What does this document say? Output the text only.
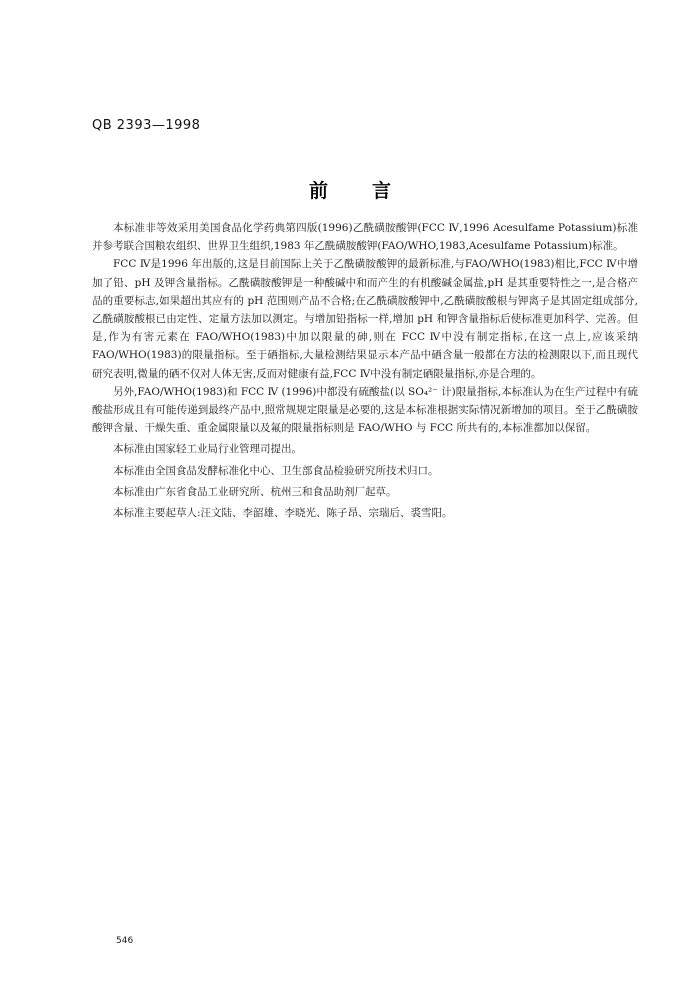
QB 2393—1998
前言

本标准非等效采用美国食品化学药典第四版(1996)乙酰磺胺酸钾(FCC Ⅳ,1996 Acesulfame Potassium)标准并参考联合国粮农组织、世界卫生组织,1983 年乙酰磺胺酸钾(FAO/WHO,1983,Acesulfame Potassium)标准。

FCC Ⅳ是1996 年出版的,这是目前国际上关于乙酰磺胺酸钾的最新标准,与FAO/WHO(1983)相比,FCC Ⅳ中增加了铅、pH 及钾含量指标。乙酰磺胺酸钾是一种酸碱中和而产生的有机酸碱金属盐,pH 是其重要特性之一,是合格产品的重要标志,如果超出其应有的 pH 范围则产品不合格;在乙酰磺胺酸钾中,乙酰磺胺酸根与钾离子是其固定组成部分,乙酰磺胺酸根已由定性、定量方法加以测定。与增加铅指标一样,增加 pH 和钾含量指标后使标准更加科学、完善。但是,作为有害元素在 FAO/WHO(1983)中加以限量的砷,则在 FCC Ⅳ中没有制定指标,在这一点上,应该采纳 FAO/WHO(1983)的限量指标。至于硒指标,大量检测结果显示本产品中硒含量一般都在方法的检测限以下,而且现代研究表明,微量的硒不仅对人体无害,反而对健康有益,FCC Ⅳ中没有制定硒限量指标,亦是合理的。

另外,FAO/WHO(1983)和 FCC Ⅳ (1996)中都没有硫酸盐(以 SO₄²⁻ 计)限量指标,本标准认为在生产过程中有硫酸盐形成且有可能传递到最终产品中,照常规规定限量是必要的,这是本标准根据实际情况新增加的项目。至于乙酰磺胺酸钾含量、干燥失重、重金属限量以及氟的限量指标则是 FAO/WHO 与 FCC 所共有的,本标准都加以保留。

本标准由国家轻工业局行业管理司提出。

本标准由全国食品发酵标准化中心、卫生部食品检验研究所技术归口。

本标准由广东省食品工业研究所、杭州三和食品助剂厂起草。

本标准主要起草人:汪文陆、李韶雄、李晓光、陈子昂、宗瑞后、裘雪阳。

546
